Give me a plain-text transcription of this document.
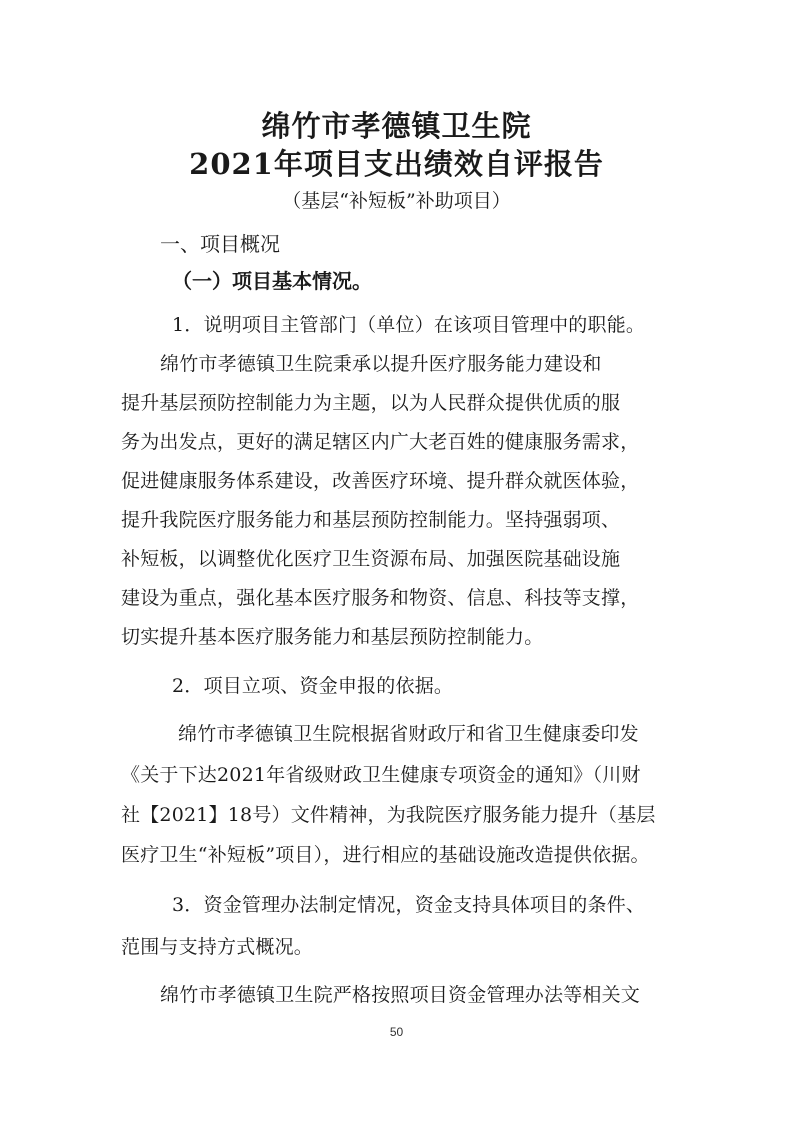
绵竹市孝德镇卫生院
2021年项目支出绩效自评报告
（基层“补短板”补助项目）
一、项目概况
（一）项目基本情况。
1．说明项目主管部门（单位）在该项目管理中的职能。
绵竹市孝德镇卫生院秉承以提升医疗服务能力建设和
提升基层预防控制能力为主题，以为人民群众提供优质的服
务为出发点，更好的满足辖区内广大老百姓的健康服务需求，
促进健康服务体系建设，改善医疗环境、提升群众就医体验，
提升我院医疗服务能力和基层预防控制能力。坚持强弱项、
补短板，以调整优化医疗卫生资源布局、加强医院基础设施
建设为重点，强化基本医疗服务和物资、信息、科技等支撑，
切实提升基本医疗服务能力和基层预防控制能力。
2．项目立项、资金申报的依据。
绵竹市孝德镇卫生院根据省财政厅和省卫生健康委印发
《关于下达2021年省级财政卫生健康专项资金的通知》（川财
社【2021】18号）文件精神，为我院医疗服务能力提升（基层
医疗卫生“补短板”项目），进行相应的基础设施改造提供依据。
3．资金管理办法制定情况，资金支持具体项目的条件、
范围与支持方式概况。
绵竹市孝德镇卫生院严格按照项目资金管理办法等相关文
50
